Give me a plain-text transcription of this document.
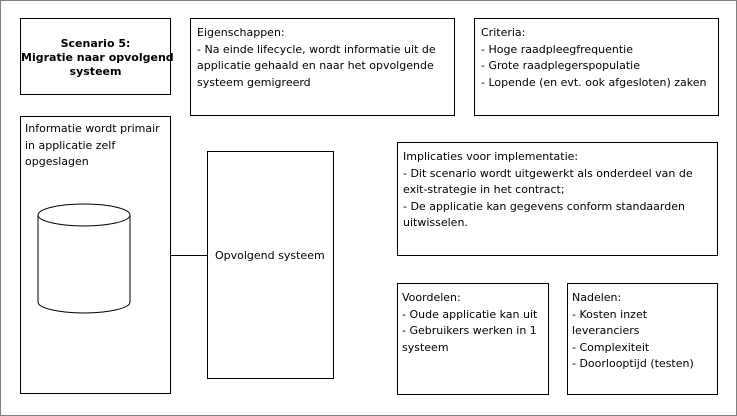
Scenario 5:
Migratie naar opvolgend
systeem
Eigenschappen:
- Na einde lifecycle, wordt informatie uit de
applicatie gehaald en naar het opvolgende
systeem gemigreerd
Criteria:
- Hoge raadpleegfrequentie
- Grote raadplegerspopulatie
- Lopende (en evt. ook afgesloten) zaken
Informatie wordt primair
in applicatie zelf
opgeslagen
Opvolgend systeem
Implicaties voor implementatie:
- Dit scenario wordt uitgewerkt als onderdeel van de
exit-strategie in het contract;
- De applicatie kan gegevens conform standaarden
uitwisselen.
Voordelen:
- Oude applicatie kan uit
- Gebruikers werken in 1
systeem
Nadelen:
- Kosten inzet
leveranciers
- Complexiteit
- Doorlooptijd (testen)
